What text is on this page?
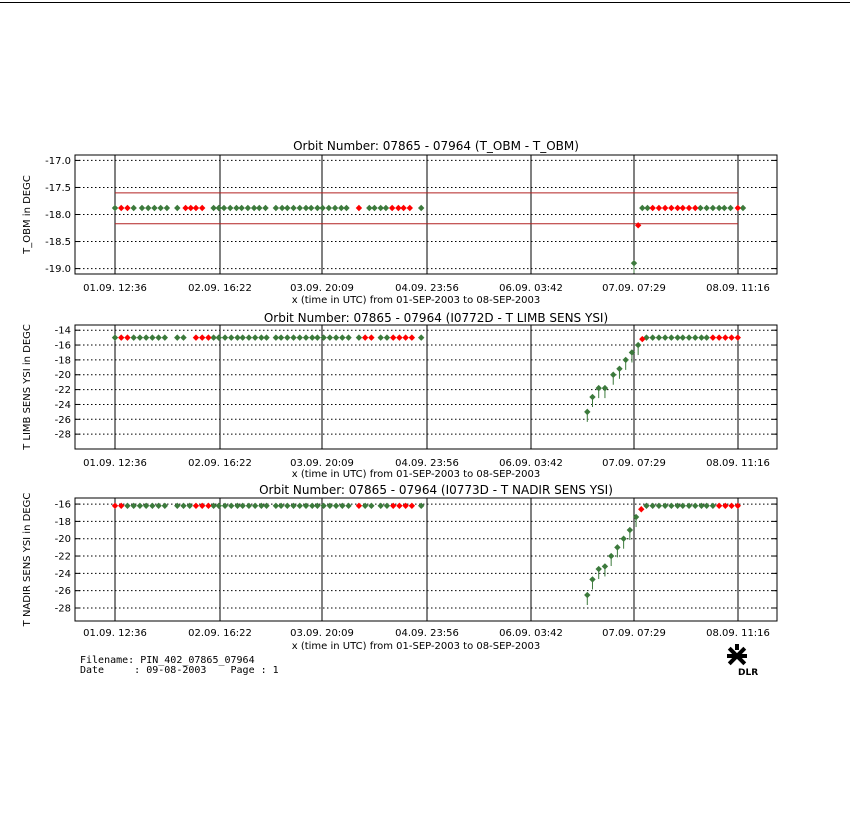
01.09. 12:36	02.09. 16:22	03.09. 20:09	04.09. 23:56	06.09. 03:42	07.09. 07:29	08.09. 11:16
-17.0
-17.5
-18.0
-18.5
-19.0
Orbit Number: 07865 - 07964 (T_OBM - T_OBM)
x (time in UTC) from 01-SEP-2003 to 08-SEP-2003
T_OBM in DEGC
01.09. 12:36	02.09. 16:22	03.09. 20:09	04.09. 23:56	06.09. 03:42	07.09. 07:29	08.09. 11:16
-14
-16
-18
-20
-22
-24
-26
-28
Orbit Number: 07865 - 07964 (I0772D - T LIMB SENS YSI)
x (time in UTC) from 01-SEP-2003 to 08-SEP-2003
T LIMB SENS YSI in DEGC
01.09. 12:36	02.09. 16:22	03.09. 20:09	04.09. 23:56	06.09. 03:42	07.09. 07:29	08.09. 11:16
-16
-18
-20
-22
-24
-26
-28
Orbit Number: 07865 - 07964 (I0773D - T NADIR SENS YSI)
x (time in UTC) from 01-SEP-2003 to 08-SEP-2003
T NADIR SENS YSI in DEGC
Filename: PIN_402_07865_07964
Date     : 09-08-2003    Page : 1	DLR
